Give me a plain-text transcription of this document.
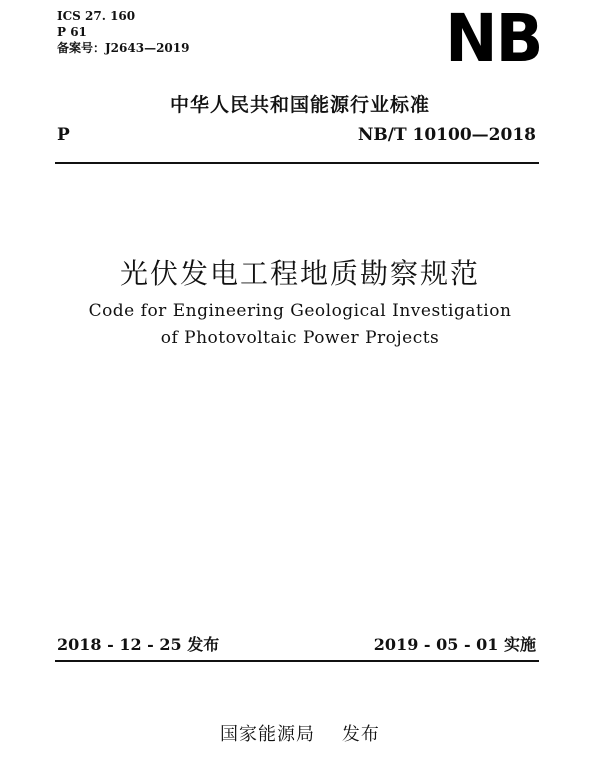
ICS 27. 160
P 61
备案号：J2643—2019	NB
中华人民共和国能源行业标准
P	NB/T 10100—2018
光伏发电工程地质勘察规范
Code for Engineering Geological Investigation
of Photovoltaic Power Projects
2018 - 12 - 25 发布	2019 - 05 - 01 实施
国家能源局    发布
